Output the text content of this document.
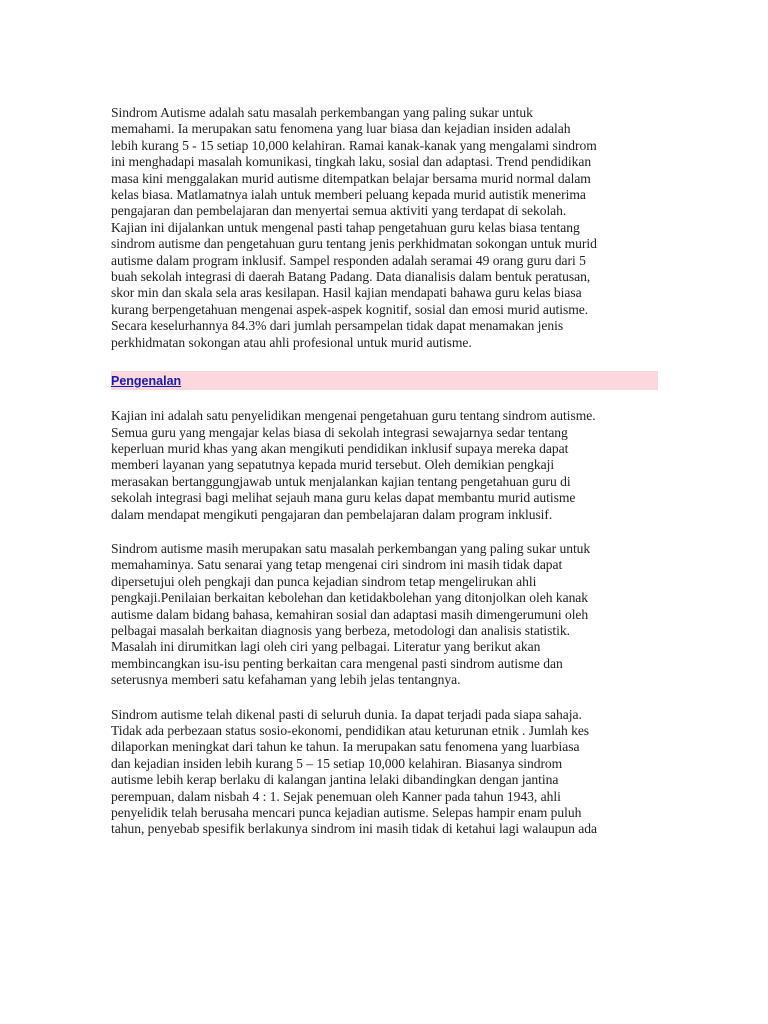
Sindrom Autisme adalah satu masalah perkembangan yang paling sukar untuk
memahami. Ia merupakan satu fenomena yang luar biasa dan kejadian insiden adalah
lebih kurang 5 - 15 setiap 10,000 kelahiran. Ramai kanak-kanak yang mengalami sindrom
ini menghadapi masalah komunikasi, tingkah laku, sosial dan adaptasi. Trend pendidikan
masa kini menggalakan murid autisme ditempatkan belajar bersama murid normal dalam
kelas biasa. Matlamatnya ialah untuk memberi peluang kepada murid autistik menerima
pengajaran dan pembelajaran dan menyertai semua aktiviti yang terdapat di sekolah.
Kajian ini dijalankan untuk mengenal pasti tahap pengetahuan guru kelas biasa tentang
sindrom autisme dan pengetahuan guru tentang jenis perkhidmatan sokongan untuk murid
autisme dalam program inklusif. Sampel responden adalah seramai 49 orang guru dari 5
buah sekolah integrasi di daerah Batang Padang. Data dianalisis dalam bentuk peratusan,
skor min dan skala sela aras kesilapan. Hasil kajian mendapati bahawa guru kelas biasa
kurang berpengetahuan mengenai aspek-aspek kognitif, sosial dan emosi murid autisme.
Secara keselurhannya 84.3% dari jumlah persampelan tidak dapat menamakan jenis
perkhidmatan sokongan atau ahli profesional untuk murid autisme.

Pengenalan

Kajian ini adalah satu penyelidikan mengenai pengetahuan guru tentang sindrom autisme.
Semua guru yang mengajar kelas biasa di sekolah integrasi sewajarnya sedar tentang
keperluan murid khas yang akan mengikuti pendidikan inklusif supaya mereka dapat
memberi layanan yang sepatutnya kepada murid tersebut. Oleh demikian pengkaji
merasakan bertanggungjawab untuk menjalankan kajian tentang pengetahuan guru di
sekolah integrasi bagi melihat sejauh mana guru kelas dapat membantu murid autisme
dalam mendapat mengikuti pengajaran dan pembelajaran dalam program inklusif.

Sindrom autisme masih merupakan satu masalah perkembangan yang paling sukar untuk
memahaminya. Satu senarai yang tetap mengenai ciri sindrom ini masih tidak dapat
dipersetujui oleh pengkaji dan punca kejadian sindrom tetap mengelirukan ahli
pengkaji.Penilaian berkaitan kebolehan dan ketidakbolehan yang ditonjolkan oleh kanak
autisme dalam bidang bahasa, kemahiran sosial dan adaptasi masih dimengerumuni oleh
pelbagai masalah berkaitan diagnosis yang berbeza, metodologi dan analisis statistik.
Masalah ini dirumitkan lagi oleh ciri yang pelbagai. Literatur yang berikut akan
membincangkan isu-isu penting berkaitan cara mengenal pasti sindrom autisme dan
seterusnya memberi satu kefahaman yang lebih jelas tentangnya.

Sindrom autisme telah dikenal pasti di seluruh dunia. Ia dapat terjadi pada siapa sahaja.
Tidak ada perbezaan status sosio-ekonomi, pendidikan atau keturunan etnik . Jumlah kes
dilaporkan meningkat dari tahun ke tahun. Ia merupakan satu fenomena yang luarbiasa
dan kejadian insiden lebih kurang 5 – 15 setiap 10,000 kelahiran. Biasanya sindrom
autisme lebih kerap berlaku di kalangan jantina lelaki dibandingkan dengan jantina
perempuan, dalam nisbah 4 : 1. Sejak penemuan oleh Kanner pada tahun 1943, ahli
penyelidik telah berusaha mencari punca kejadian autisme. Selepas hampir enam puluh
tahun, penyebab spesifik berlakunya sindrom ini masih tidak di ketahui lagi walaupun ada
